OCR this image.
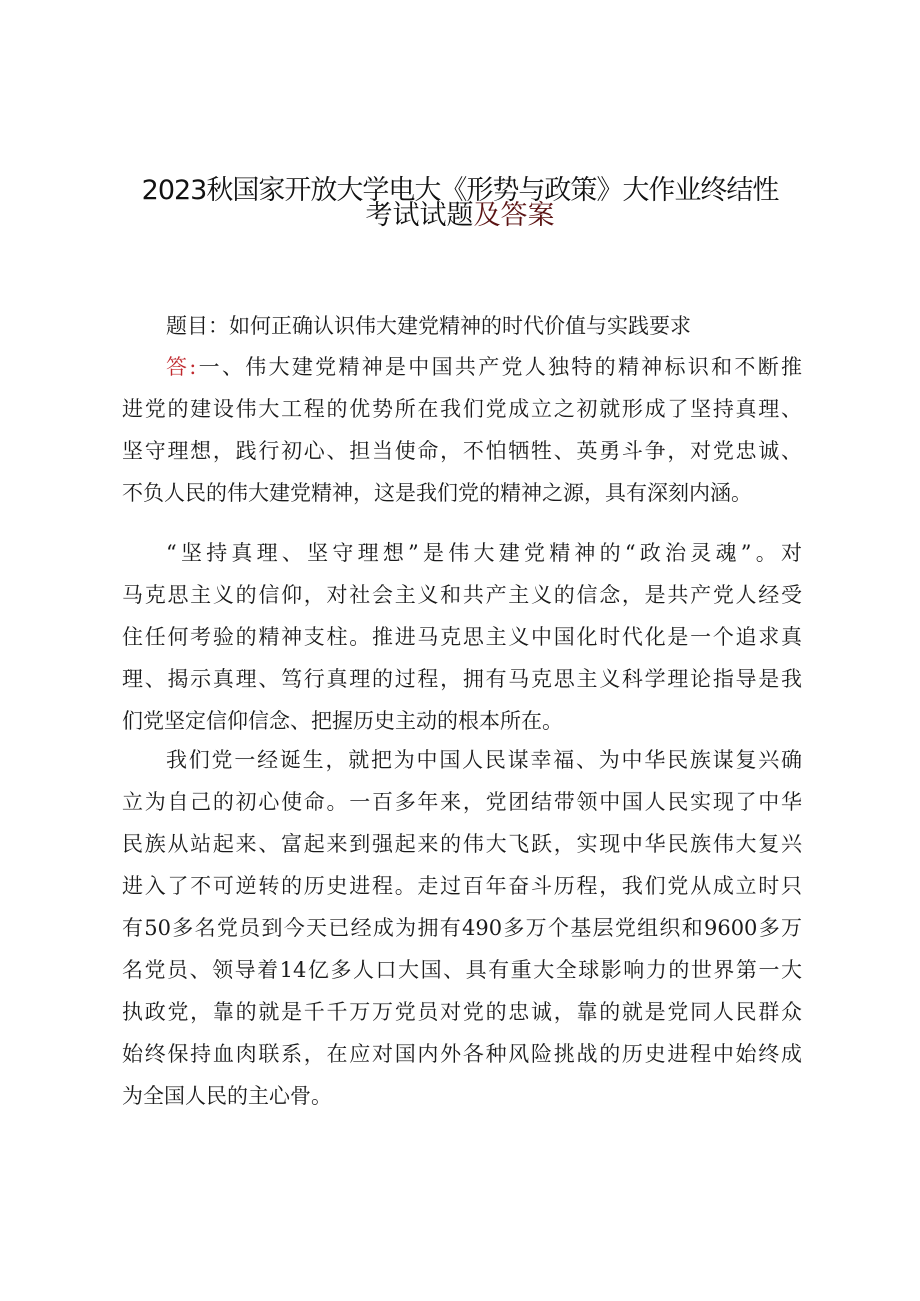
2023秋国家开放大学电大《形势与政策》大作业终结性
考试试题及答案
题目：如何正确认识伟大建党精神的时代价值与实践要求
答:一、伟大建党精神是中国共产党人独特的精神标识和不断推
进党的建设伟大工程的优势所在我们党成立之初就形成了坚持真理、
坚守理想，践行初心、担当使命，不怕牺牲、英勇斗争，对党忠诚、
不负人民的伟大建党精神，这是我们党的精神之源，具有深刻内涵。
“坚持真理、坚守理想”是伟大建党精神的“政治灵魂”。对
马克思主义的信仰，对社会主义和共产主义的信念，是共产党人经受
住任何考验的精神支柱。推进马克思主义中国化时代化是一个追求真
理、揭示真理、笃行真理的过程，拥有马克思主义科学理论指导是我
们党坚定信仰信念、把握历史主动的根本所在。
我们党一经诞生，就把为中国人民谋幸福、为中华民族谋复兴确
立为自己的初心使命。一百多年来，党团结带领中国人民实现了中华
民族从站起来、富起来到强起来的伟大飞跃，实现中华民族伟大复兴
进入了不可逆转的历史进程。走过百年奋斗历程，我们党从成立时只
有50多名党员到今天已经成为拥有490多万个基层党组织和9600多万
名党员、领导着14亿多人口大国、具有重大全球影响力的世界第一大
执政党，靠的就是千千万万党员对党的忠诚，靠的就是党同人民群众
始终保持血肉联系，在应对国内外各种风险挑战的历史进程中始终成
为全国人民的主心骨。
